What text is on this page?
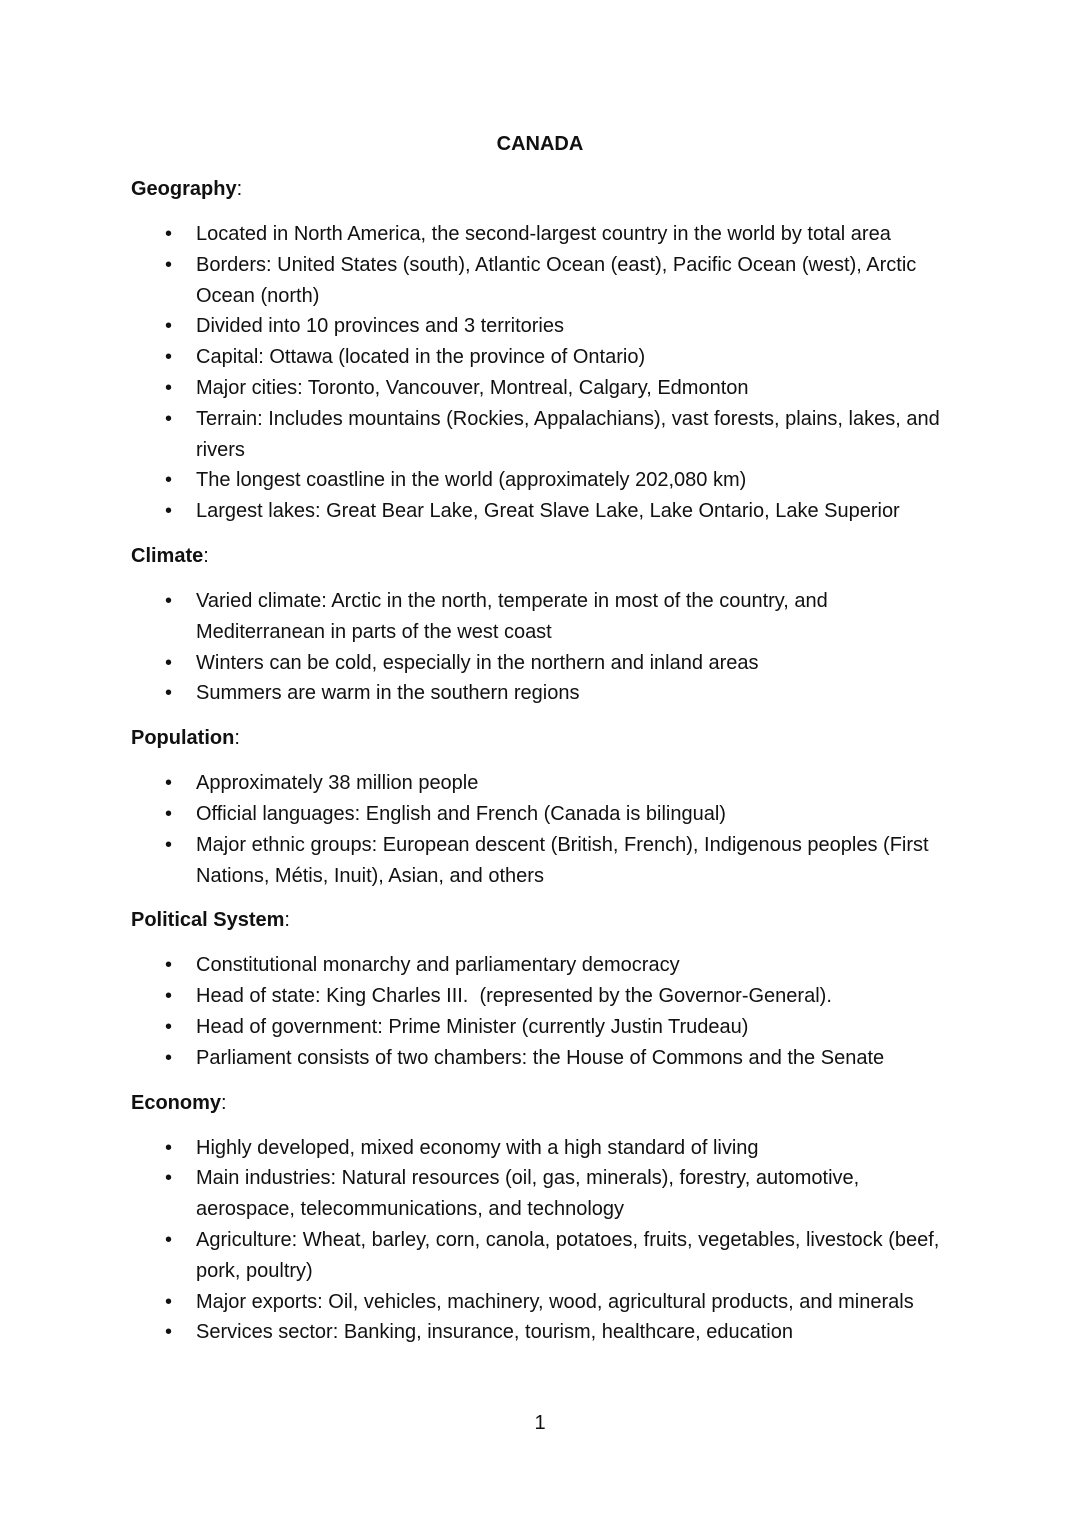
CANADA
Geography:
• Located in North America, the second-largest country in the world by total area
• Borders: United States (south), Atlantic Ocean (east), Pacific Ocean (west), Arctic Ocean (north)
• Divided into 10 provinces and 3 territories
• Capital: Ottawa (located in the province of Ontario)
• Major cities: Toronto, Vancouver, Montreal, Calgary, Edmonton
• Terrain: Includes mountains (Rockies, Appalachians), vast forests, plains, lakes, and rivers
• The longest coastline in the world (approximately 202,080 km)
• Largest lakes: Great Bear Lake, Great Slave Lake, Lake Ontario, Lake Superior
Climate:
• Varied climate: Arctic in the north, temperate in most of the country, and Mediterranean in parts of the west coast
• Winters can be cold, especially in the northern and inland areas
• Summers are warm in the southern regions
Population:
• Approximately 38 million people
• Official languages: English and French (Canada is bilingual)
• Major ethnic groups: European descent (British, French), Indigenous peoples (First Nations, Métis, Inuit), Asian, and others
Political System:
• Constitutional monarchy and parliamentary democracy
• Head of state: King Charles III.  (represented by the Governor-General).
• Head of government: Prime Minister (currently Justin Trudeau)
• Parliament consists of two chambers: the House of Commons and the Senate
Economy:
• Highly developed, mixed economy with a high standard of living
• Main industries: Natural resources (oil, gas, minerals), forestry, automotive, aerospace, telecommunications, and technology
• Agriculture: Wheat, barley, corn, canola, potatoes, fruits, vegetables, livestock (beef, pork, poultry)
• Major exports: Oil, vehicles, machinery, wood, agricultural products, and minerals
• Services sector: Banking, insurance, tourism, healthcare, education
1
